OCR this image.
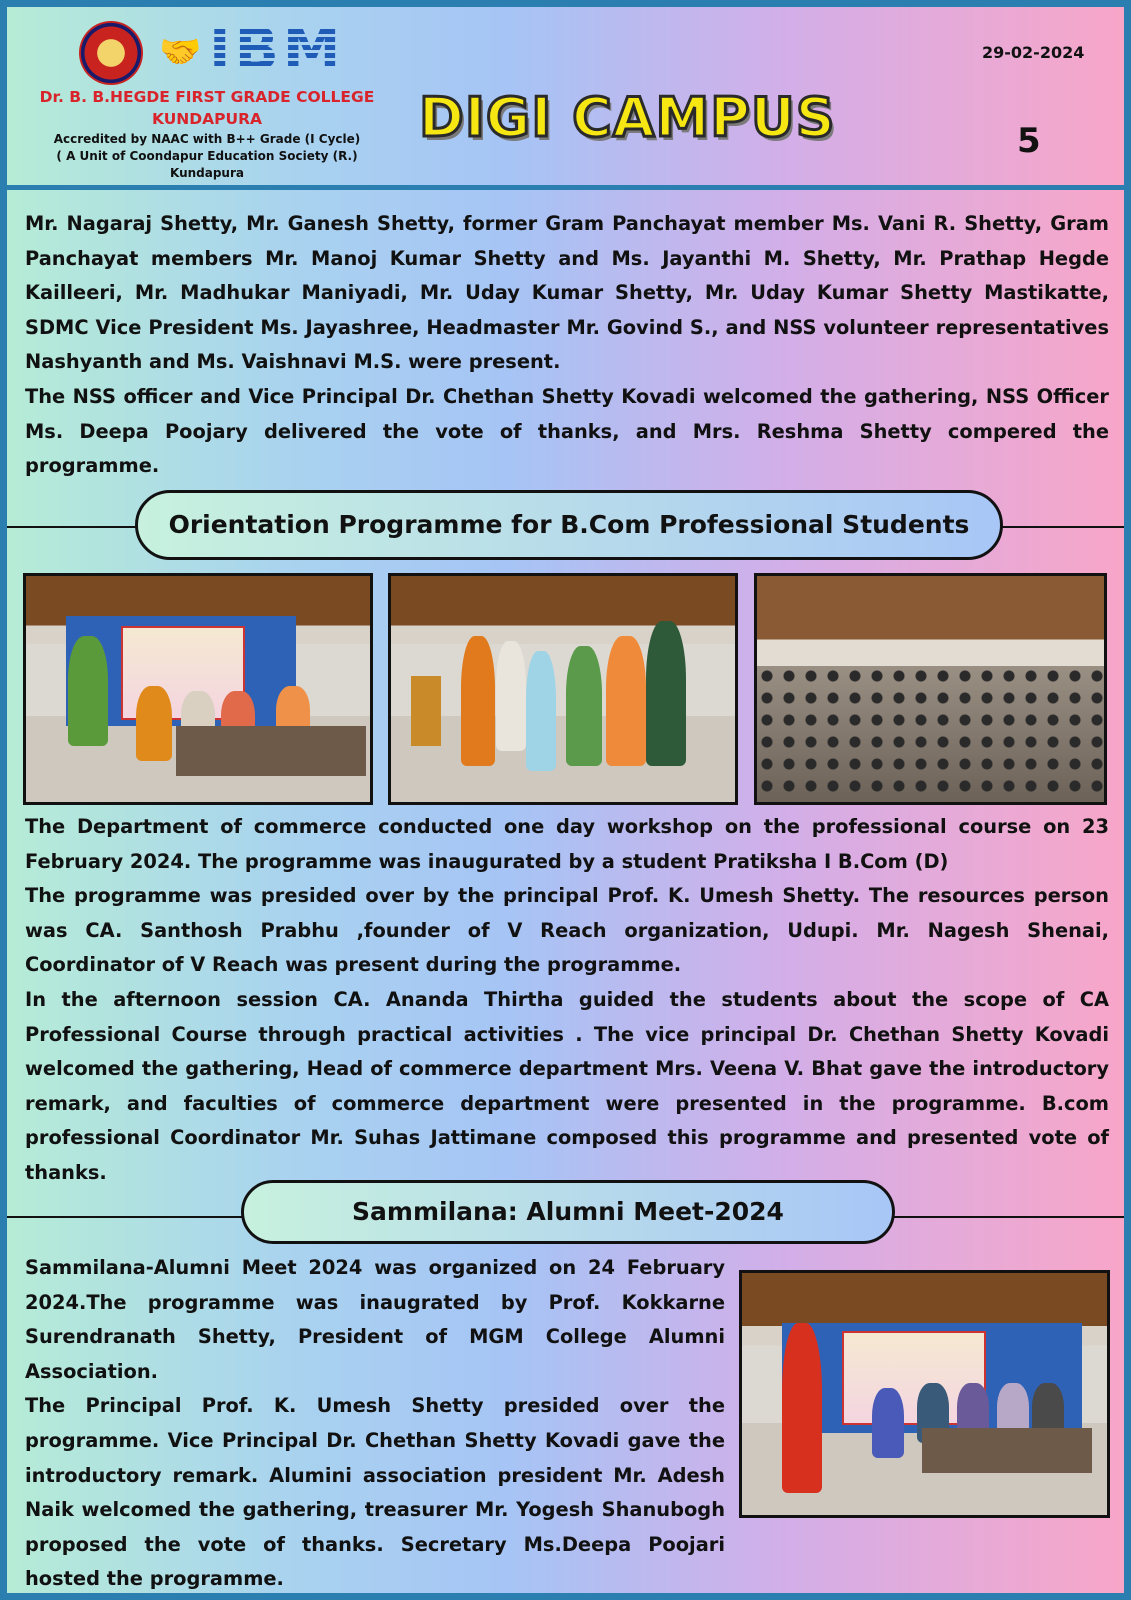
🤝 IBM
Dr. B. B.HEGDE FIRST GRADE COLLEGE
KUNDAPURA
Accredited by NAAC with B++ Grade (I Cycle)
( A Unit of Coondapur Education Society (R.)
Kundapura
DIGI CAMPUS
29-02-2024
5

Mr. Nagaraj Shetty, Mr. Ganesh Shetty, former Gram Panchayat member Ms. Vani R. Shetty, Gram Panchayat members Mr. Manoj Kumar Shetty and Ms. Jayanthi M. Shetty, Mr. Prathap Hegde Kailleeri, Mr. Madhukar Maniyadi, Mr. Uday Kumar Shetty, Mr. Uday Kumar Shetty Mastikatte, SDMC Vice President Ms. Jayashree, Headmaster Mr. Govind S., and NSS volunteer representatives Nashyanth and Ms. Vaishnavi M.S. were present.

The NSS officer and Vice Principal Dr. Chethan Shetty Kovadi welcomed the gathering, NSS Officer Ms. Deepa Poojary delivered the vote of thanks, and Mrs. Reshma Shetty compered the programme.

Orientation Programme for B.Com Professional Students

The Department of commerce conducted one day workshop on the professional course on 23 February 2024. The programme was inaugurated by a student Pratiksha I B.Com (D)

The programme was presided over by the principal Prof. K. Umesh Shetty. The resources person was CA. Santhosh Prabhu ,founder of V Reach organization, Udupi. Mr. Nagesh Shenai, Coordinator of V Reach was present during the programme.

In the afternoon session CA. Ananda Thirtha guided the students about the scope of CA Professional Course through practical activities . The vice principal Dr. Chethan Shetty Kovadi welcomed the gathering, Head of commerce department Mrs. Veena V. Bhat gave the introductory remark, and faculties of commerce department were presented in the programme. B.com professional Coordinator Mr. Suhas Jattimane composed this programme and presented vote of thanks.

Sammilana: Alumni Meet-2024

Sammilana-Alumni Meet 2024 was organized on 24 February 2024.The programme was inaugrated by Prof. Kokkarne Surendranath Shetty, President of MGM College Alumni Association.

The Principal Prof. K. Umesh Shetty presided over the programme. Vice Principal Dr. Chethan Shetty Kovadi gave the introductory remark. Alumini association president Mr. Adesh Naik welcomed the gathering, treasurer Mr. Yogesh Shanubogh proposed the vote of thanks. Secretary Ms.Deepa Poojari hosted the programme.
